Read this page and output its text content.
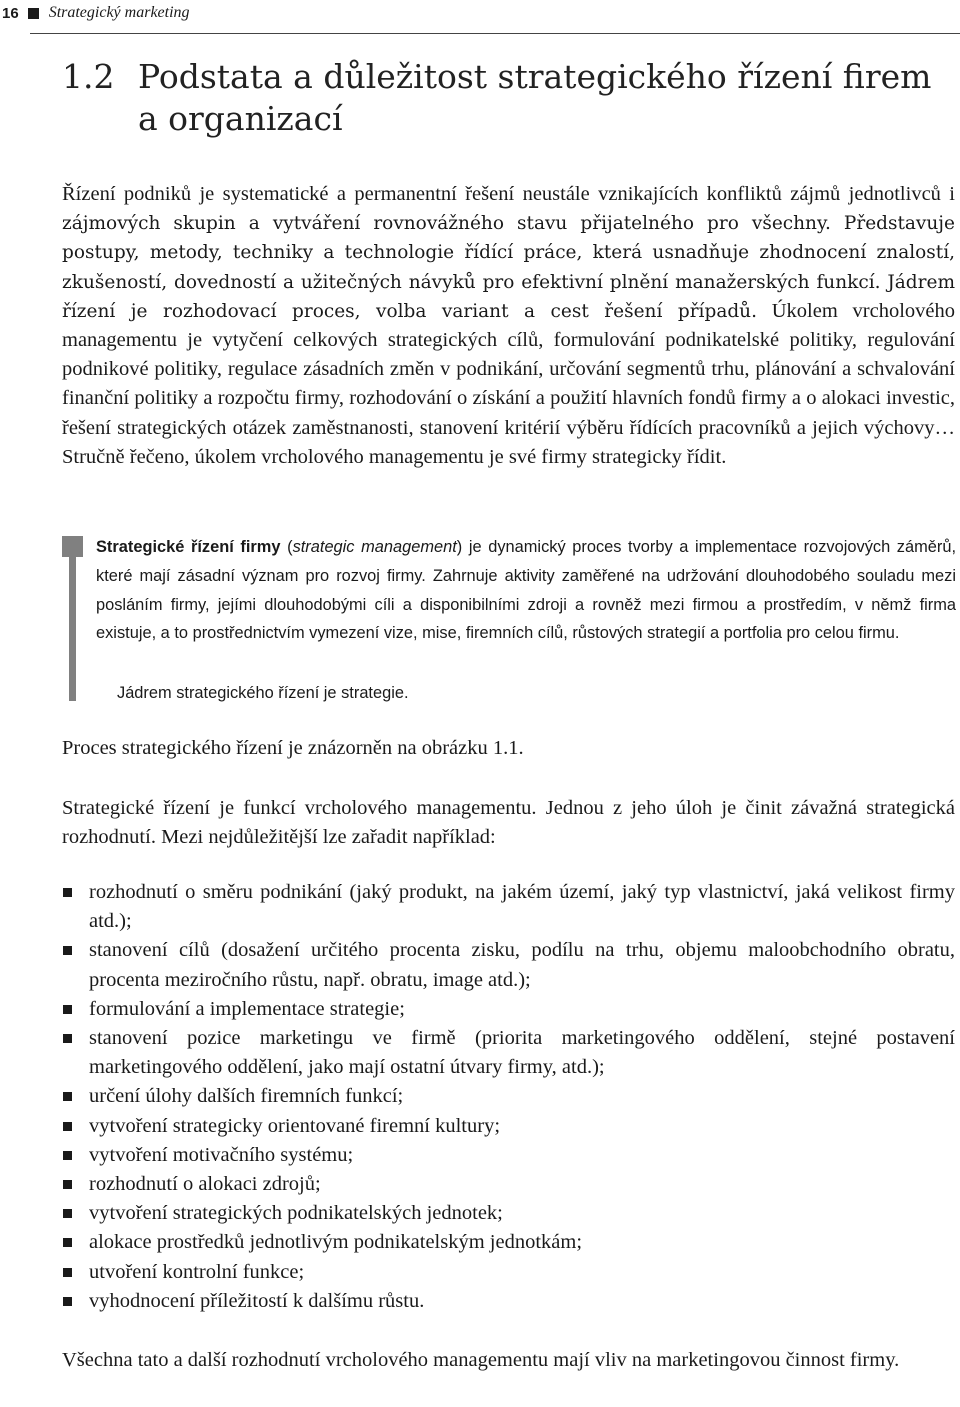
16 Strategický marketing
1.2 Podstata a důležitost strategického řízení firem
a organizací

Řízení podniků je systematické a permanentní řešení neustále vznikajících konfliktů zájmů jednotlivců i zájmových skupin a vytváření rovnovážného stavu přijatelného pro všechny. Představuje postupy, metody, techniky a technologie řídící práce, která usnadňuje zhodnocení znalostí, zkušeností, dovedností a užitečných návyků pro efektivní plnění manažerských funkcí. Jádrem řízení je rozhodovací proces, volba variant a cest řešení případů. Úkolem vrcholového managementu je vytyčení celkových strategických cílů, formulování podnikatelské politiky, regulování podnikové politiky, regulace zásadních změn v podnikání, určování segmentů trhu, plánování a schvalování finanční politiky a rozpočtu firmy, rozhodování o získání a použití hlavních fondů firmy a o alokaci investic, řešení strategických otázek zaměstnanosti, stanovení kritérií výběru řídících pracovníků a jejich výchovy… Stručně řečeno, úkolem vrcholového managementu je své firmy strategicky řídit.

Strategické řízení firmy (strategic management) je dynamický proces tvorby a implementace rozvojových záměrů, které mají zásadní význam pro rozvoj firmy. Zahrnuje aktivity zaměřené na udržování dlouhodobého souladu mezi posláním firmy, jejími dlouhodobými cíli a disponibilními zdroji a rovněž mezi firmou a prostředím, v němž firma existuje, a to prostřednictvím vymezení vize, mise, firemních cílů, růstových strategií a portfolia pro celou firmu.

Jádrem strategického řízení je strategie.

Proces strategického řízení je znázorněn na obrázku 1.1.

Strategické řízení je funkcí vrcholového managementu. Jednou z jeho úloh je činit závažná strategická rozhodnutí. Mezi nejdůležitější lze zařadit například:

rozhodnutí o směru podnikání (jaký produkt, na jakém území, jaký typ vlastnictví, jaká velikost firmy atd.);
stanovení cílů (dosažení určitého procenta zisku, podílu na trhu, objemu maloobchodního obratu, procenta meziročního růstu, např. obratu, image atd.);
formulování a implementace strategie;
stanovení pozice marketingu ve firmě (priorita marketingového oddělení, stejné postavení marketingového oddělení, jako mají ostatní útvary firmy, atd.);
určení úlohy dalších firemních funkcí;
vytvoření strategicky orientované firemní kultury;
vytvoření motivačního systému;
rozhodnutí o alokaci zdrojů;
vytvoření strategických podnikatelských jednotek;
alokace prostředků jednotlivým podnikatelským jednotkám;
utvoření kontrolní funkce;
vyhodnocení příležitostí k dalšímu růstu.

Všechna tato a další rozhodnutí vrcholového managementu mají vliv na marketingovou činnost firmy.
